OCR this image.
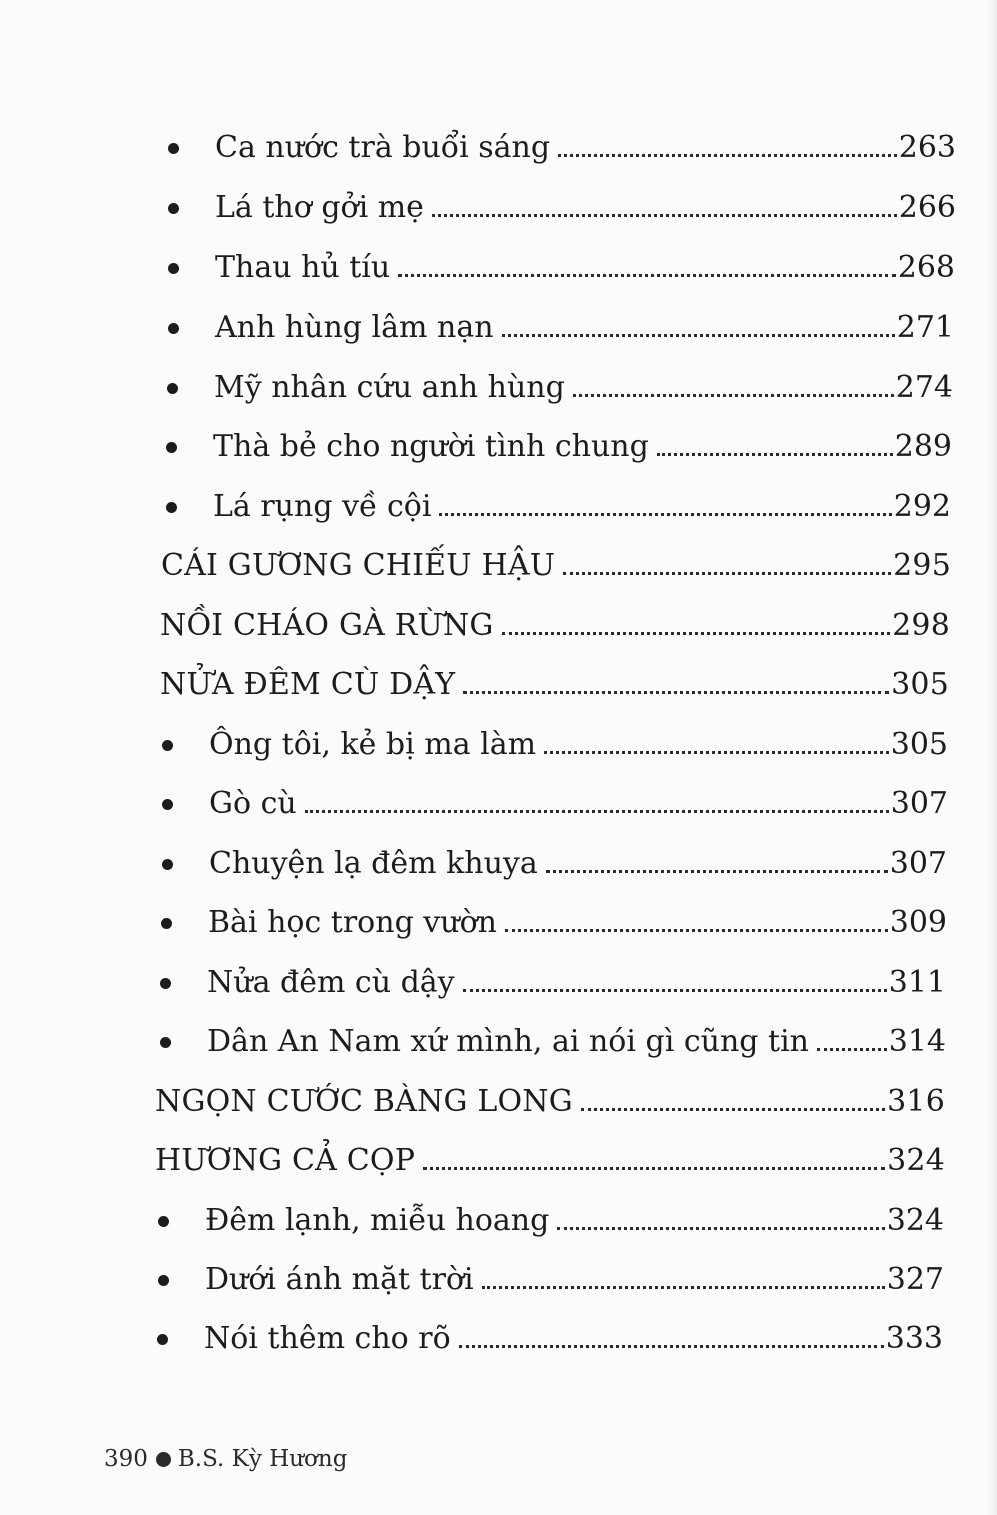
Ca nước trà buổi sáng	263
Lá thơ gởi mẹ	266
Thau hủ tíu	268
Anh hùng lâm nạn	271
Mỹ nhân cứu anh hùng	274
Thà bẻ cho người tình chung	289
Lá rụng về cội	292
CÁI GƯƠNG CHIẾU HẬU	295
NỒI CHÁO GÀ RỪNG	298
NỬA ĐÊM CÙ DẬY	305
Ông tôi, kẻ bị ma làm	305
Gò cù	307
Chuyện lạ đêm khuya	307
Bài học trong vườn	309
Nửa đêm cù dậy	311
Dân An Nam xứ mình, ai nói gì cũng tin	314
NGỌN CƯỚC BÀNG LONG	316
HƯƠNG CẢ CỌP	324
Đêm lạnh, miễu hoang	324
Dưới ánh mặt trời	327
Nói thêm cho rõ	333
390 B.S. Kỳ Hương
